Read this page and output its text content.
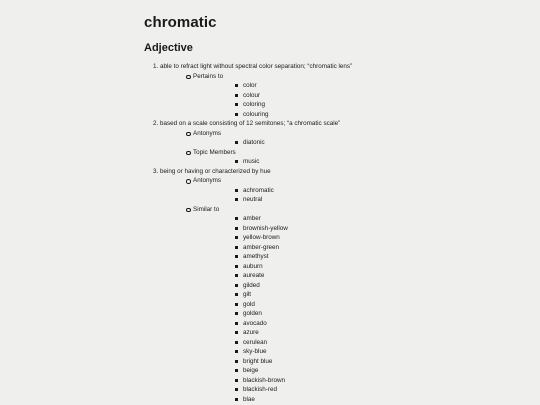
chromatic
Adjective
1. able to refract light without spectral color separation; “chromatic lens”
Pertains to
color
colour
coloring
colouring
2. based on a scale consisting of 12 semitones; “a chromatic scale”
Antonyms
diatonic
Topic Members
music
3. being or having or characterized by hue
Antonyms
achromatic
neutral
Similar to
amber
brownish-yellow
yellow-brown
amber-green
amethyst
auburn
aureate
gilded
gilt
gold
golden
avocado
azure
cerulean
sky-blue
bright blue
beige
blackish-brown
blackish-red
blae
